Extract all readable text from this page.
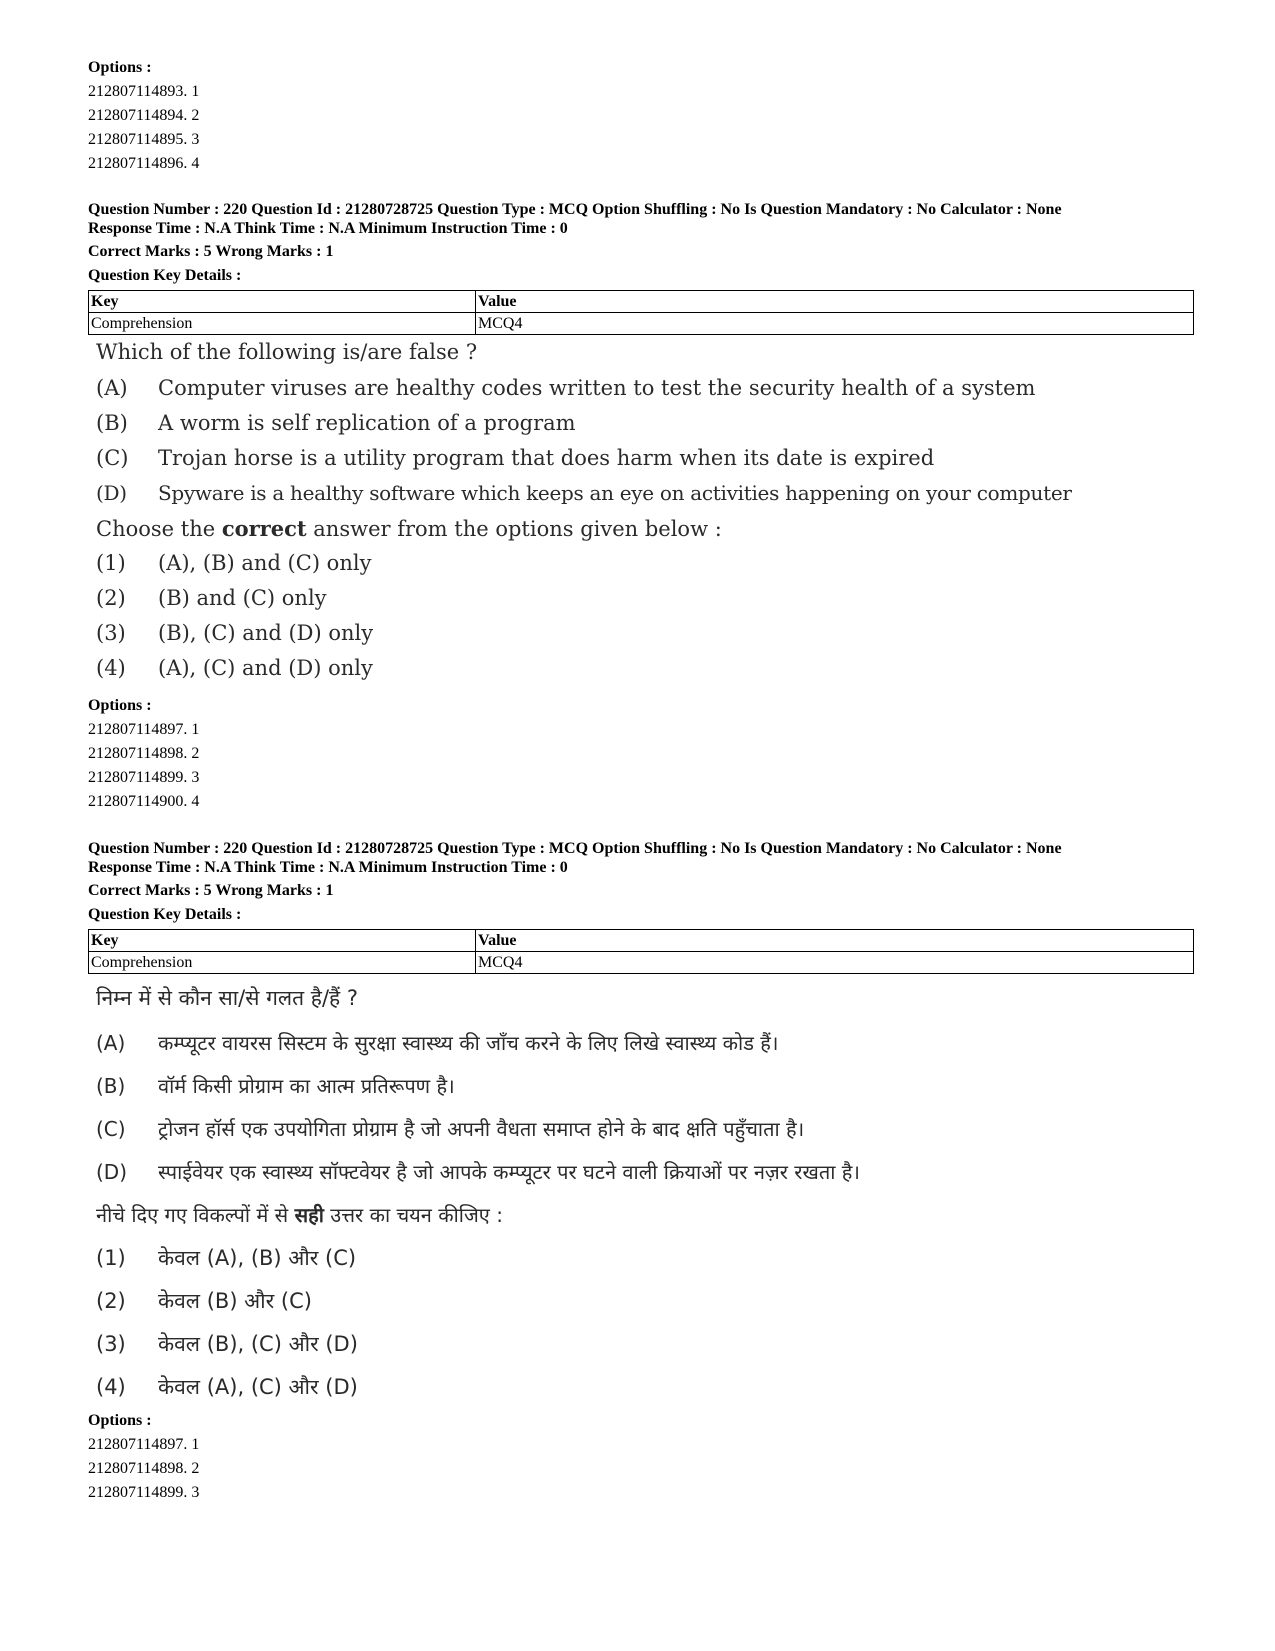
Options :
212807114893. 1
212807114894. 2
212807114895. 3
212807114896. 4
Question Number : 220 Question Id : 21280728725 Question Type : MCQ Option Shuffling : No Is Question Mandatory : No Calculator : None
Response Time : N.A Think Time : N.A Minimum Instruction Time : 0
Correct Marks : 5 Wrong Marks : 1
Question Key Details :
Key	Value
Comprehension	MCQ4
Which of the following is/are false ?
(A) Computer viruses are healthy codes written to test the security health of a system
(B) A worm is self replication of a program
(C) Trojan horse is a utility program that does harm when its date is expired
(D) Spyware is a healthy software which keeps an eye on activities happening on your computer
Choose the correct answer from the options given below :
(1) (A), (B) and (C) only
(2) (B) and (C) only
(3) (B), (C) and (D) only
(4) (A), (C) and (D) only
Options :
212807114897. 1
212807114898. 2
212807114899. 3
212807114900. 4
Question Number : 220 Question Id : 21280728725 Question Type : MCQ Option Shuffling : No Is Question Mandatory : No Calculator : None
Response Time : N.A Think Time : N.A Minimum Instruction Time : 0
Correct Marks : 5 Wrong Marks : 1
Question Key Details :
Key	Value
Comprehension	MCQ4
निम्न में से कौन सा/से गलत है/हैं ?
(A) कम्प्यूटर वायरस सिस्टम के सुरक्षा स्वास्थ्य की जाँच करने के लिए लिखे स्वास्थ्य कोड हैं।
(B) वॉर्म किसी प्रोग्राम का आत्म प्रतिरूपण है।
(C) ट्रोजन हॉर्स एक उपयोगिता प्रोग्राम है जो अपनी वैधता समाप्त होने के बाद क्षति पहुँचाता है।
(D) स्पाईवेयर एक स्वास्थ्य सॉफ्टवेयर है जो आपके कम्प्यूटर पर घटने वाली क्रियाओं पर नज़र रखता है।
नीचे दिए गए विकल्पों में से सही उत्तर का चयन कीजिए :
(1) केवल (A), (B) और (C)
(2) केवल (B) और (C)
(3) केवल (B), (C) और (D)
(4) केवल (A), (C) और (D)
Options :
212807114897. 1
212807114898. 2
212807114899. 3
